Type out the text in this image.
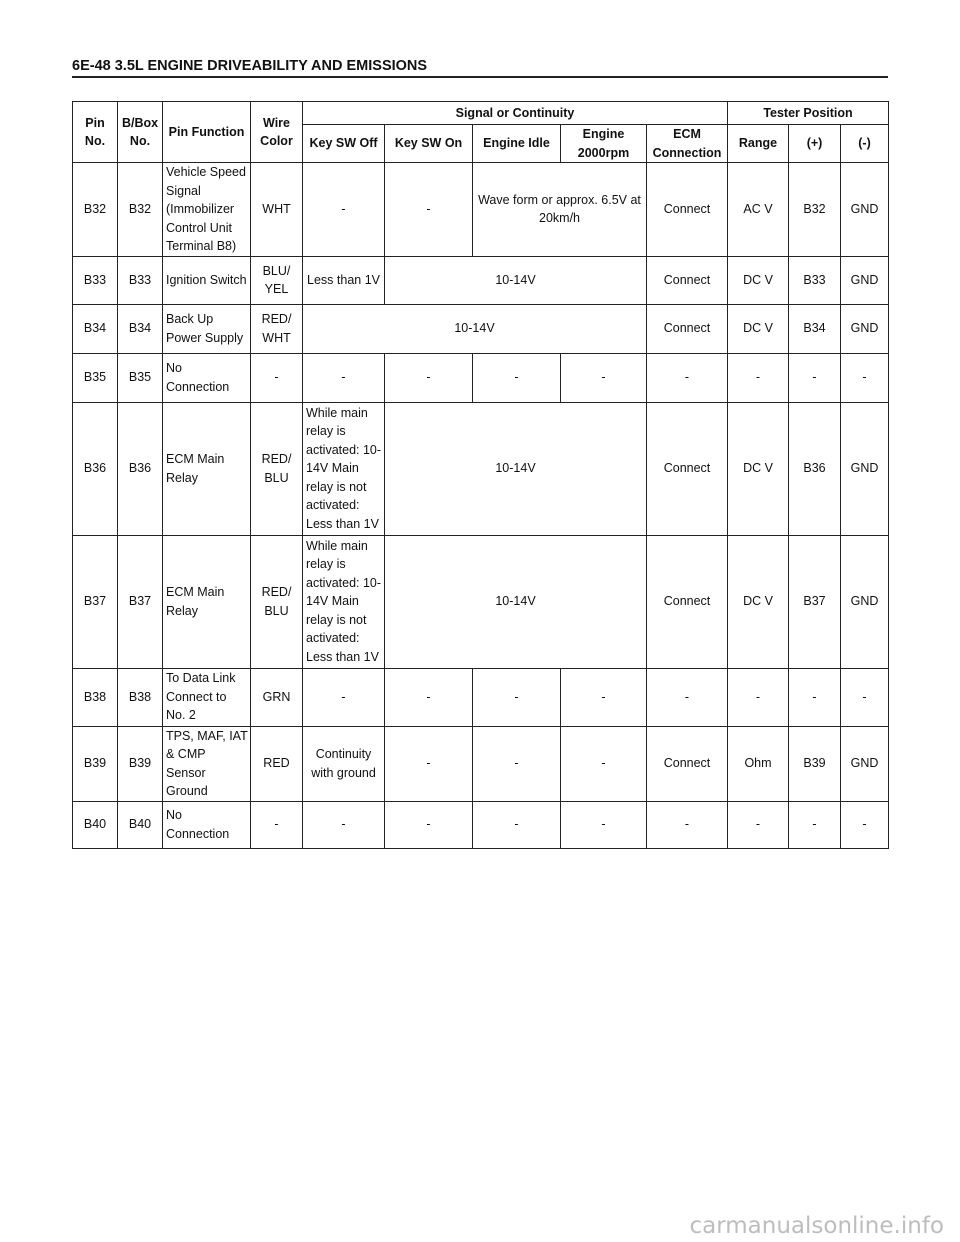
6E-48 3.5L ENGINE DRIVEABILITY AND EMISSIONS
Pin No.	B/Box No.	Pin Function	Wire Color	Signal or Continuity					Tester Position		
				Key SW Off	Key SW On	Engine Idle	Engine 2000rpm	ECM Connection	Range	(+)	(-)
B32	B32	Vehicle Speed Signal (Immobilizer Control Unit Terminal B8)	WHT	-	-	Wave form or approx. 6.5V at 20km/h		Connect	AC V	B32	GND
B33	B33	Ignition Switch	BLU/ YEL	Less than 1V	10-14V			Connect	DC V	B33	GND
B34	B34	Back Up Power Supply	RED/ WHT	10-14V				Connect	DC V	B34	GND
B35	B35	No Connection	-	-	-	-	-	-	-	-	-
B36	B36	ECM Main Relay	RED/ BLU	While main relay is activated: 10-14V Main relay is not activated: Less than 1V	10-14V			Connect	DC V	B36	GND
B37	B37	ECM Main Relay	RED/ BLU	While main relay is activated: 10-14V Main relay is not activated: Less than 1V	10-14V			Connect	DC V	B37	GND
B38	B38	To Data Link Connect to No. 2	GRN	-	-	-	-	-	-	-	-
B39	B39	TPS, MAF, IAT & CMP Sensor Ground	RED	Continuity with ground	-	-	-	Connect	Ohm	B39	GND
B40	B40	No Connection	-	-	-	-	-	-	-	-	-
carmanualsonline.info
